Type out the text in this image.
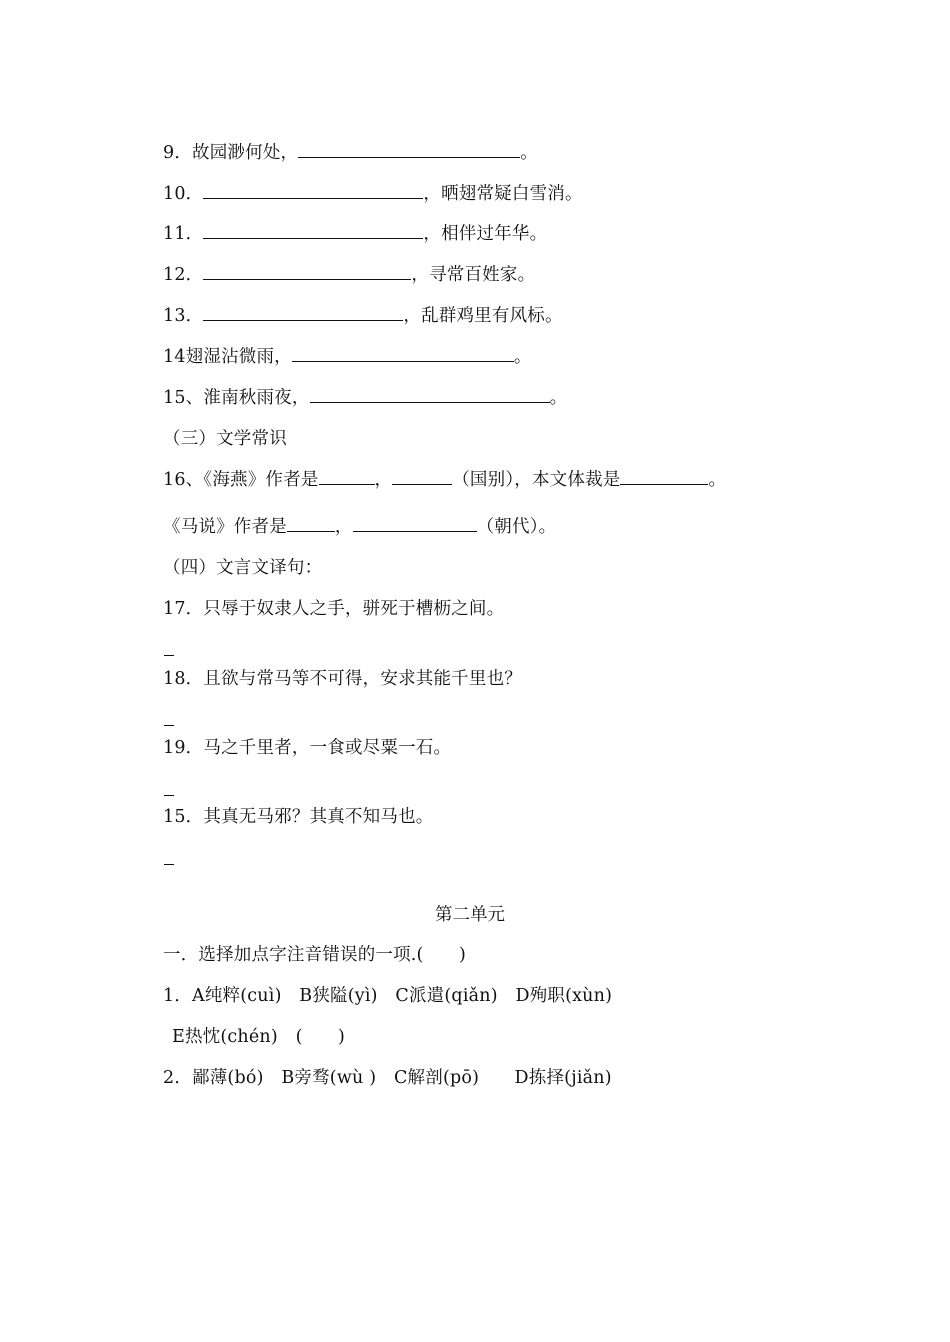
9．故园渺何处，	。
10．	，晒翅常疑白雪消。
11．	，相伴过年华。
12．	，寻常百姓家。
13．	，乱群鸡里有风标。
14翅湿沾微雨，	。
15、淮南秋雨夜，	。
（三）文学常识
16、《海燕》作者是	，	（国别），本文体裁是	。
《马说》作者是	，	（朝代）。
（四）文言文译句：
17．只辱于奴隶人之手，骈死于槽枥之间。
18．且欲与常马等不可得，安求其能千里也？
19．马之千里者，一食或尽粟一石。
15．其真无马邪？其真不知马也。
第二单元
一．选择加点字注音错误的一项.(　　)
1．A纯粹(cuì)　B狭隘(yì)　C派遣(qiǎn)　D殉职(xùn)
E热忱(chén)　(　　)
2．鄙薄(bó)　B旁骛(wù )　C解剖(pō)　　D拣择(jiǎn)
